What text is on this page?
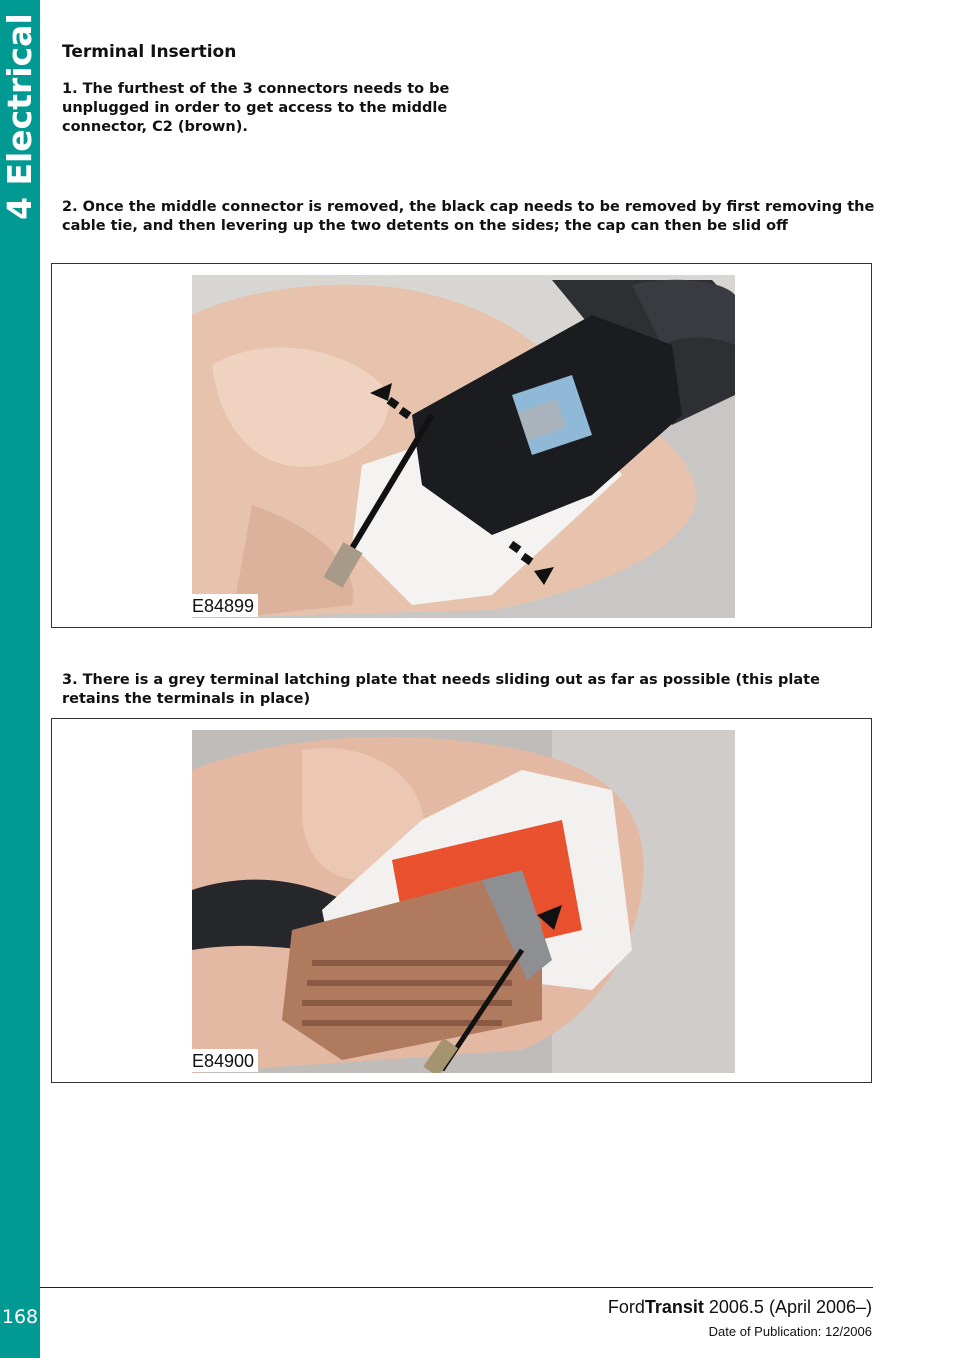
4 Electrical
168
Terminal Insertion
1. The furthest of the 3 connectors needs to be unplugged in order to get access to the middle connector, C2 (brown).
2. Once the middle connector is removed, the black cap needs to be removed by first removing the cable tie, and then levering up the two detents on the sides; the cap can then be slid off
E84899
3. There is a grey terminal latching plate that needs sliding out as far as possible (this plate retains the terminals in place)
E84900
FordTransit 2006.5 (April 2006–)
Date of Publication: 12/2006
